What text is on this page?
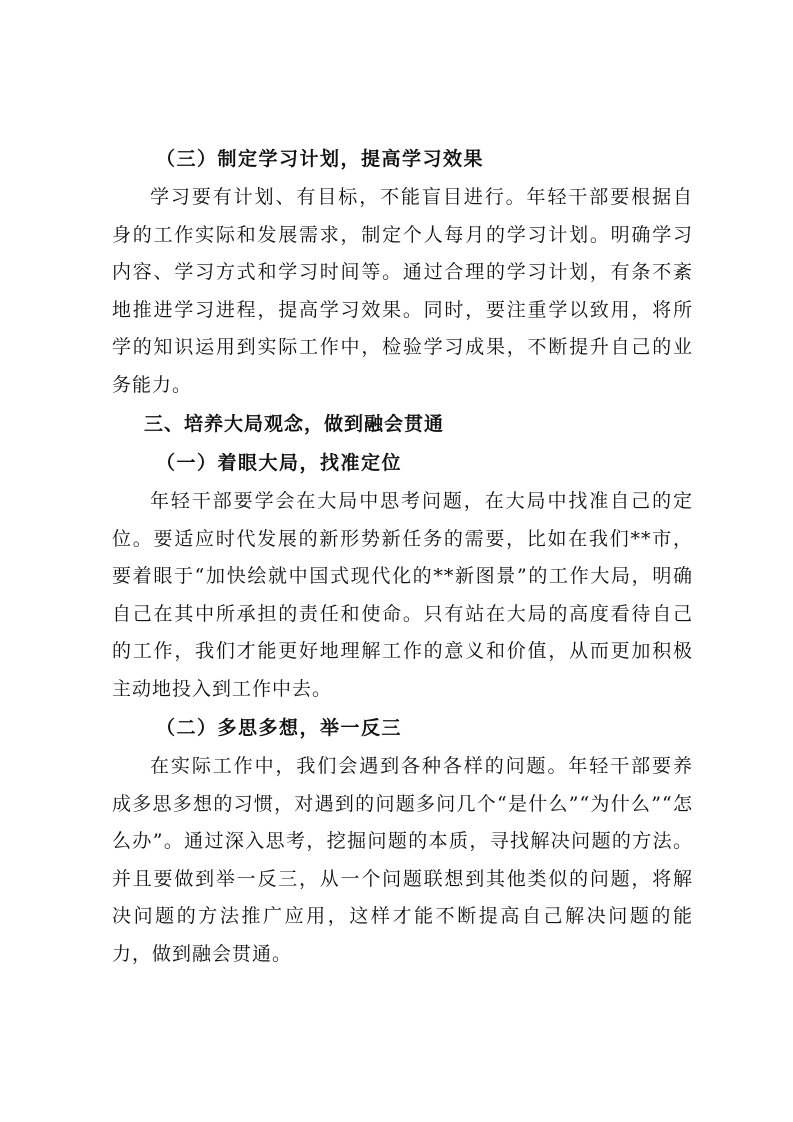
（三）制定学习计划，提高学习效果
学习要有计划、有目标，不能盲目进行。年轻干部要根据自
身的工作实际和发展需求，制定个人每月的学习计划。明确学习
内容、学习方式和学习时间等。通过合理的学习计划，有条不紊
地推进学习进程，提高学习效果。同时，要注重学以致用，将所
学的知识运用到实际工作中，检验学习成果，不断提升自己的业
务能力。
三、培养大局观念，做到融会贯通
（一）着眼大局，找准定位
年轻干部要学会在大局中思考问题，在大局中找准自己的定
位。要适应时代发展的新形势新任务的需要，比如在我们**市，
要着眼于“加快绘就中国式现代化的**新图景”的工作大局，明确
自己在其中所承担的责任和使命。只有站在大局的高度看待自己
的工作，我们才能更好地理解工作的意义和价值，从而更加积极
主动地投入到工作中去。
（二）多思多想，举一反三
在实际工作中，我们会遇到各种各样的问题。年轻干部要养
成多思多想的习惯，对遇到的问题多问几个“是什么”“为什么”“怎
么办”。通过深入思考，挖掘问题的本质，寻找解决问题的方法。
并且要做到举一反三，从一个问题联想到其他类似的问题，将解
决问题的方法推广应用，这样才能不断提高自己解决问题的能
力，做到融会贯通。
